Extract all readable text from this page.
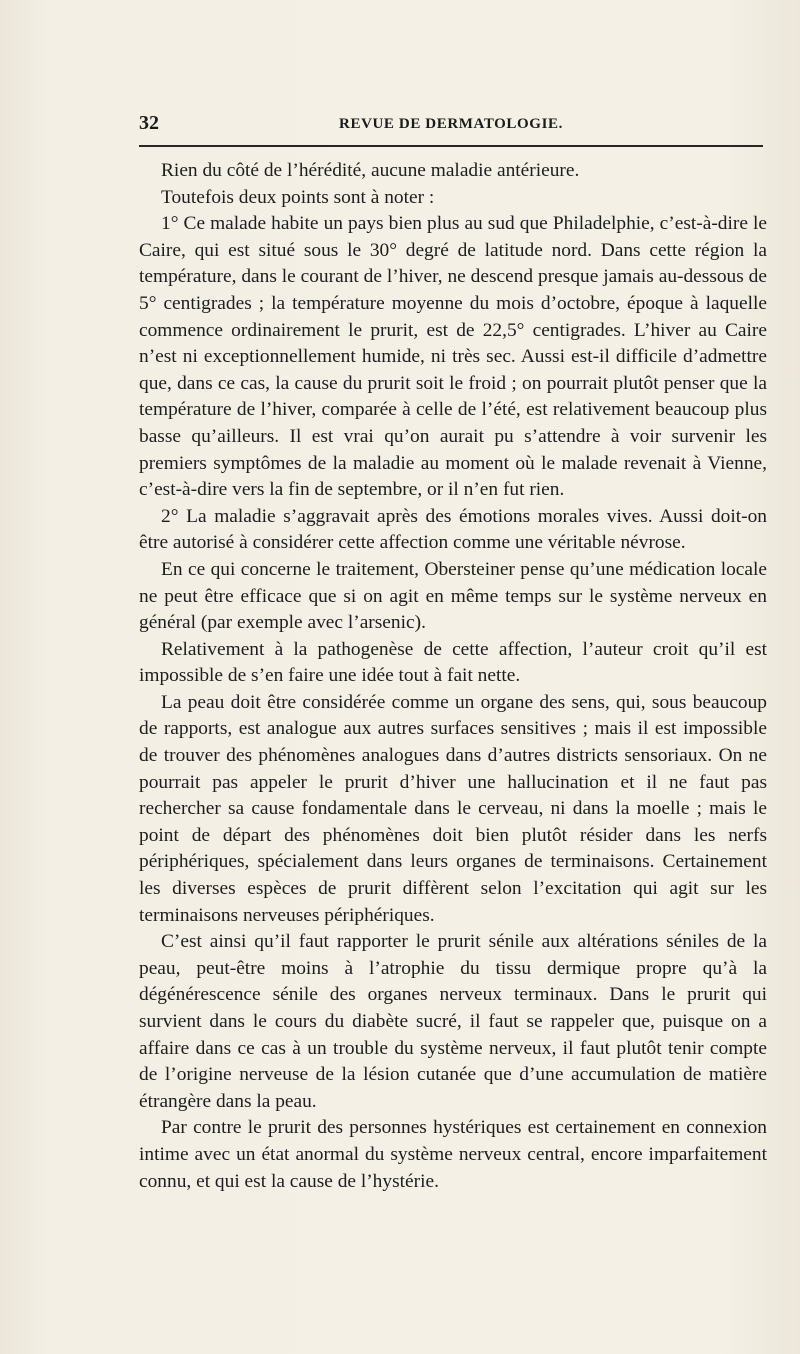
32	REVUE DE DERMATOLOGIE.

Rien du côté de l’hérédité, aucune maladie antérieure.

Toutefois deux points sont à noter :

1° Ce malade habite un pays bien plus au sud que Philadelphie, c’est-à-dire le Caire, qui est situé sous le 30° degré de latitude nord. Dans cette région la température, dans le courant de l’hiver, ne descend presque jamais au-dessous de 5° centigrades ; la température moyenne du mois d’octobre, époque à laquelle commence ordinairement le prurit, est de 22,5° centigrades. L’hiver au Caire n’est ni exceptionnellement humide, ni très sec. Aussi est-il difficile d’admettre que, dans ce cas, la cause du prurit soit le froid ; on pourrait plutôt penser que la température de l’hiver, comparée à celle de l’été, est relativement beaucoup plus basse qu’ailleurs. Il est vrai qu’on aurait pu s’attendre à voir survenir les premiers symptômes de la maladie au moment où le malade revenait à Vienne, c’est-à-dire vers la fin de septembre, or il n’en fut rien.

2° La maladie s’aggravait après des émotions morales vives. Aussi doit-on être autorisé à considérer cette affection comme une véritable névrose.

En ce qui concerne le traitement, Obersteiner pense qu’une médication locale ne peut être efficace que si on agit en même temps sur le système nerveux en général (par exemple avec l’arsenic).

Relativement à la pathogenèse de cette affection, l’auteur croit qu’il est impossible de s’en faire une idée tout à fait nette.

La peau doit être considérée comme un organe des sens, qui, sous beaucoup de rapports, est analogue aux autres surfaces sensitives ; mais il est impossible de trouver des phénomènes analogues dans d’autres districts sensoriaux. On ne pourrait pas appeler le prurit d’hiver une hallucination et il ne faut pas rechercher sa cause fondamentale dans le cerveau, ni dans la moelle ; mais le point de départ des phénomènes doit bien plutôt résider dans les nerfs périphériques, spécialement dans leurs organes de terminaisons. Certainement les diverses espèces de prurit diffèrent selon l’excitation qui agit sur les terminaisons nerveuses périphériques.

C’est ainsi qu’il faut rapporter le prurit sénile aux altérations séniles de la peau, peut-être moins à l’atrophie du tissu dermique propre qu’à la dégénérescence sénile des organes nerveux terminaux. Dans le prurit qui survient dans le cours du diabète sucré, il faut se rappeler que, puisque on a affaire dans ce cas à un trouble du système nerveux, il faut plutôt tenir compte de l’origine nerveuse de la lésion cutanée que d’une accumulation de matière étrangère dans la peau.

Par contre le prurit des personnes hystériques est certainement en connexion intime avec un état anormal du système nerveux central, encore imparfaitement connu, et qui est la cause de l’hystérie.
